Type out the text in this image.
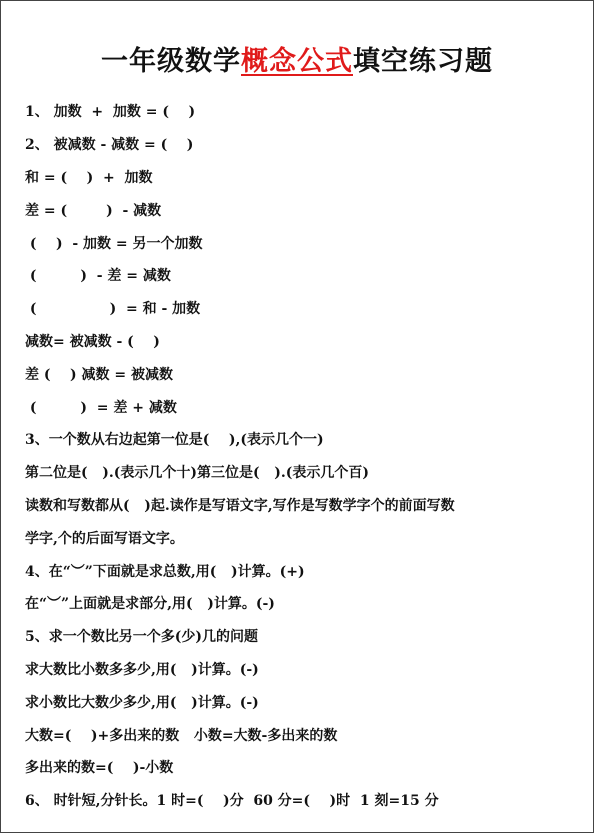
一年级数学概念公式填空练习题
1、 加数  +  加数 = (    )
2、 被减数 - 减数 = (    )
和 = (    )  +  加数
差 = (        )  - 减数
(    )  - 加数 = 另一个加数
(         )  - 差 = 减数
(               )  = 和 - 加数
减数= 被减数 - (    )
差 (    ) 减数 = 被减数
(         )  = 差 + 减数
3、一个数从右边起第一位是(    ),(表示几个一)
第二位是(   ).(表示几个十)第三位是(   ).(表示几个百)
读数和写数都从(   )起.读作是写语文字,写作是写数学字个的前面写数
学字,个的后面写语文字。
4、在“︶”下面就是求总数,用(   )计算。(+)
在“︶”上面就是求部分,用(   )计算。(-)
5、求一个数比另一个多(少)几的问题
求大数比小数多多少,用(   )计算。(-)
求小数比大数少多少,用(   )计算。(-)
大数=(    )+多出来的数   小数=大数-多出来的数
多出来的数=(    )-小数
6、 时针短,分针长。1 时=(    )分  60 分=(    )时  1 刻=15 分
